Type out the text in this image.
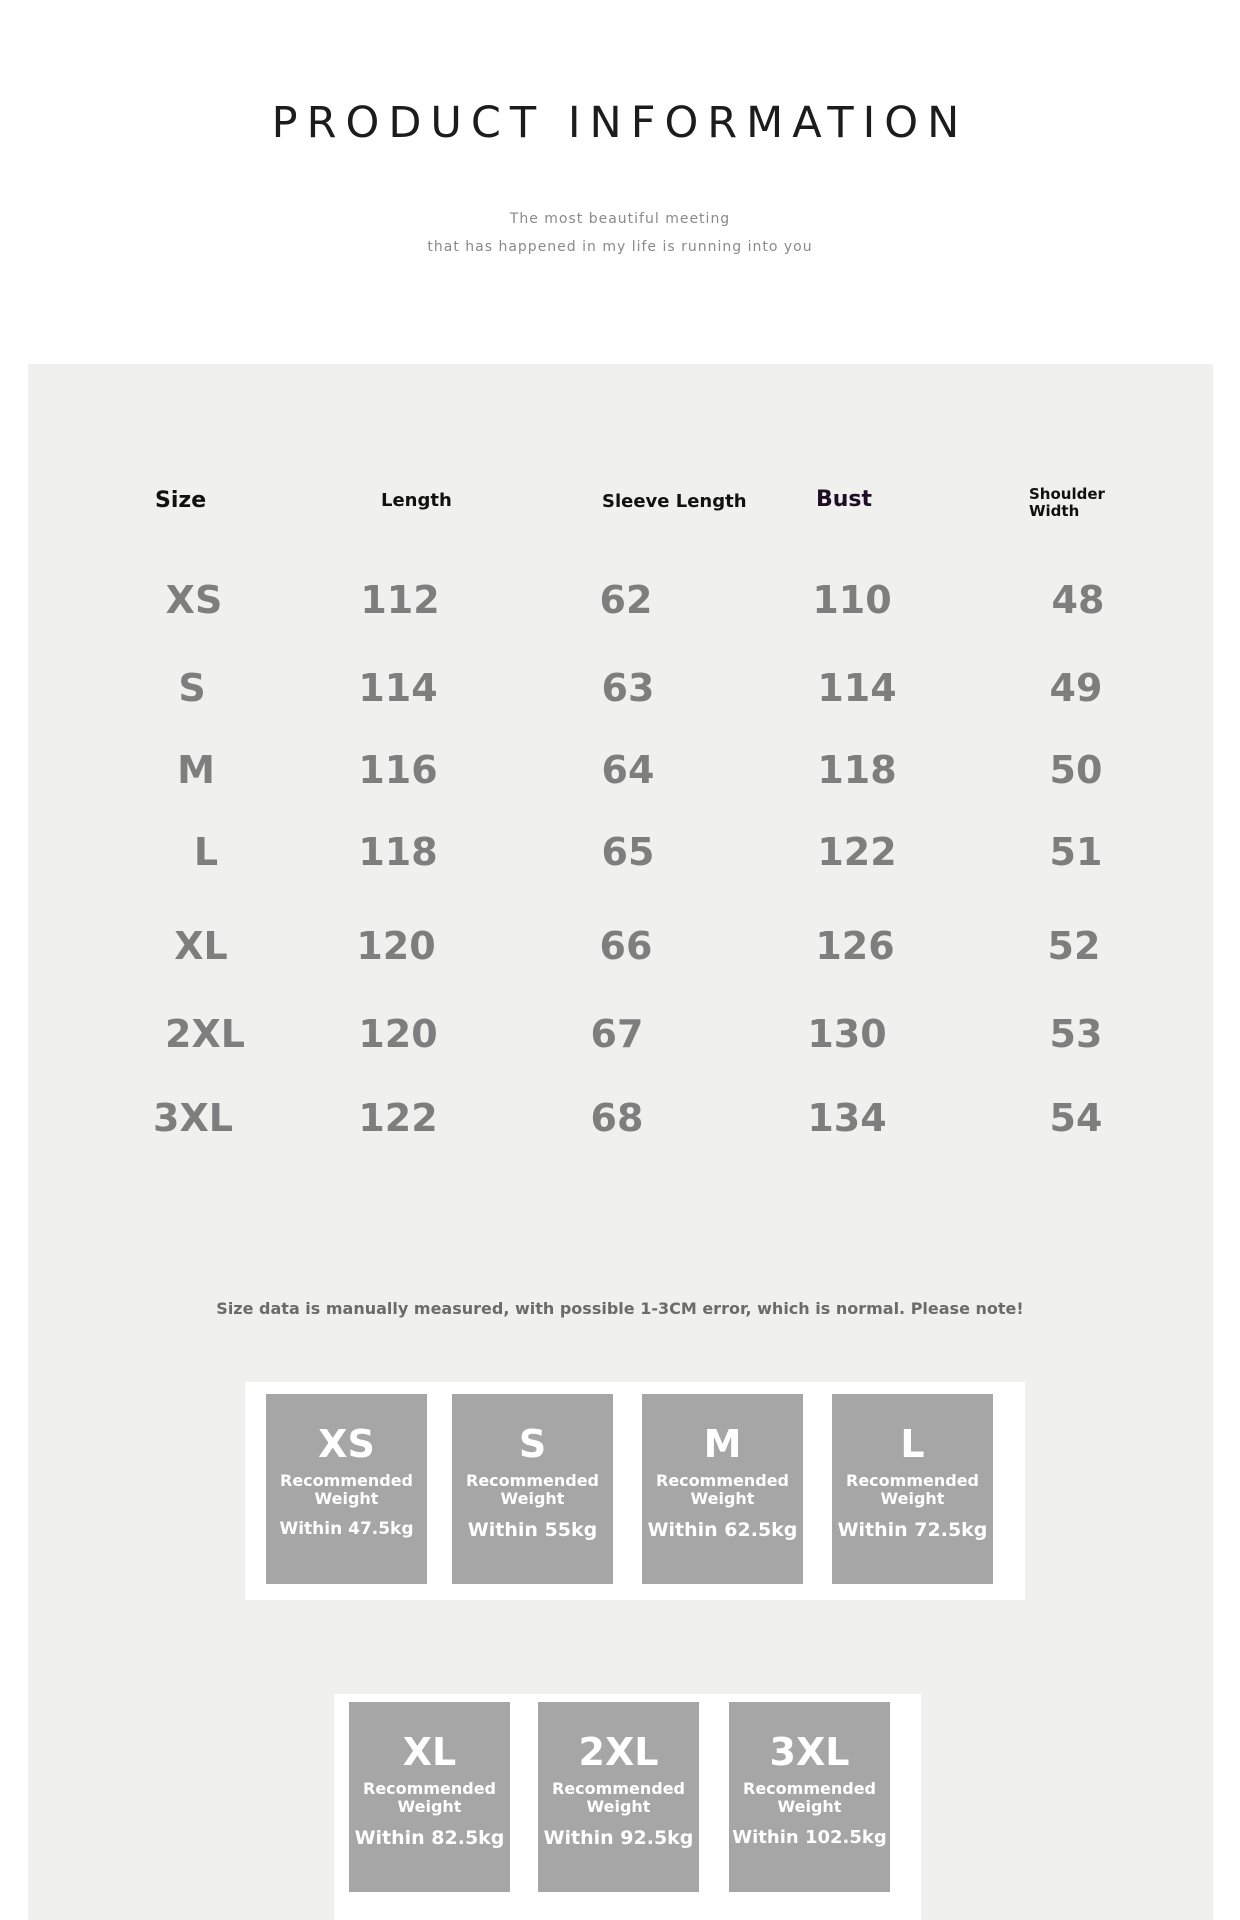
PRODUCT INFORMATION
The most beautiful meeting
that has happened in my life is running into you
Size	Length	Sleeve Length	Bust	Shoulder Width
XS	112	62	110	48
S	114	63	114	49
M	116	64	118	50
L	118	65	122	51
XL	120	66	126	52
2XL	120	67	130	53
3XL	122	68	134	54
Size data is manually measured, with possible 1-3CM error, which is normal. Please note!
XS
Recommended Weight
Within 47.5kg
S
Recommended Weight
Within 55kg
M
Recommended Weight
Within 62.5kg
L
Recommended Weight
Within 72.5kg
XL
Recommended Weight
Within 82.5kg
2XL
Recommended Weight
Within 92.5kg
3XL
Recommended Weight
Within 102.5kg
